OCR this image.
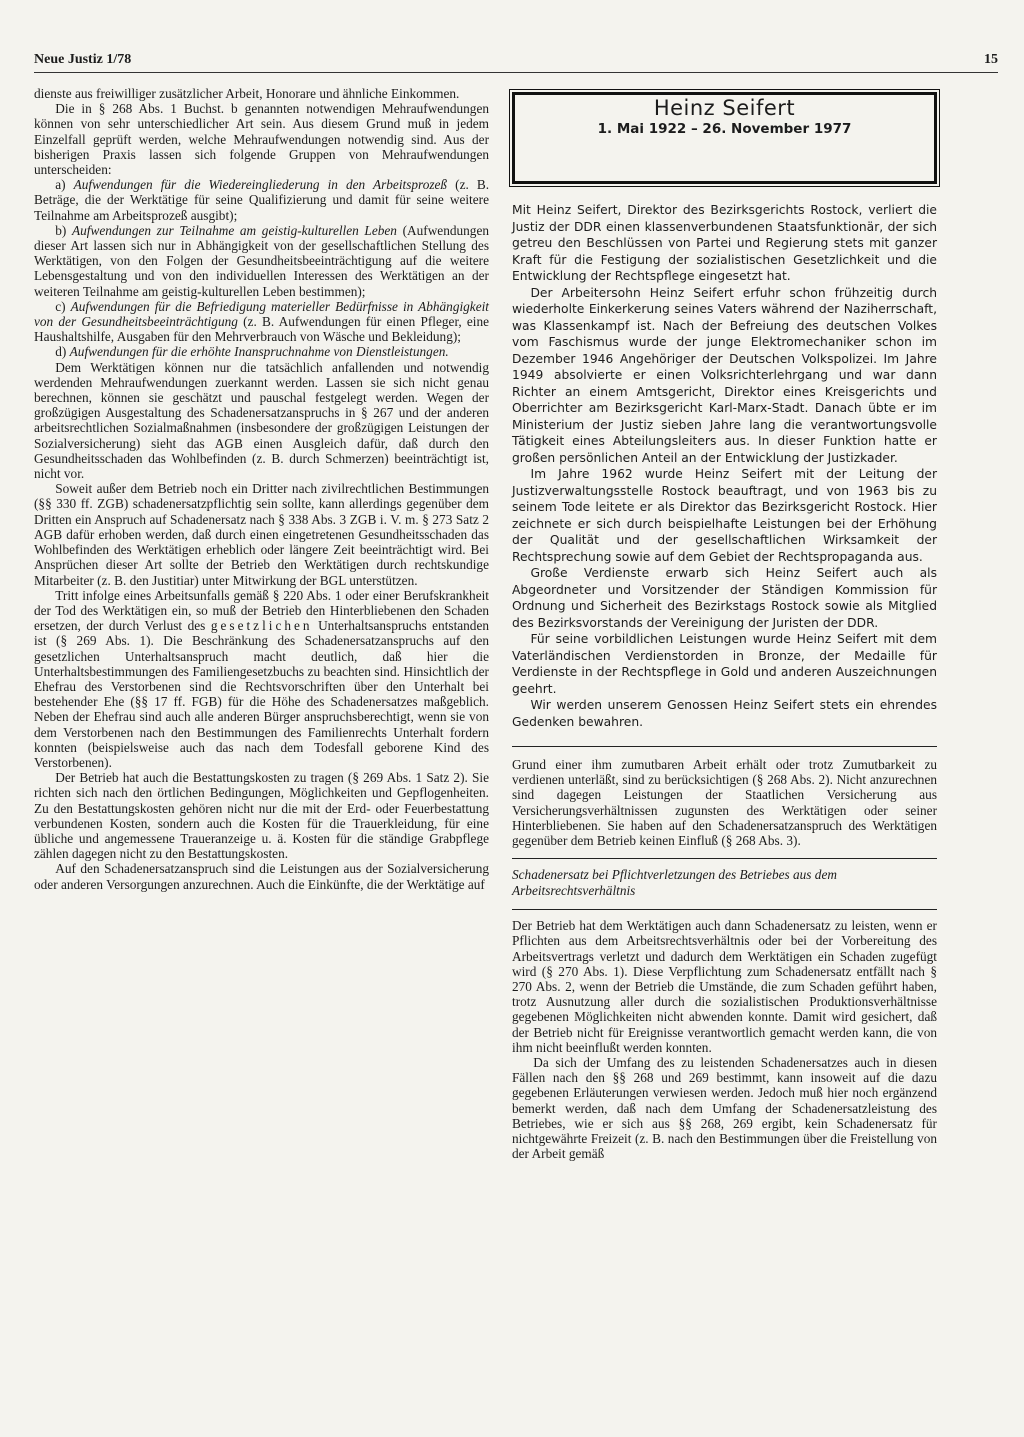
Neue Justiz 1/78	15

dienste aus freiwilliger zusätzlicher Arbeit, Honorare und ähnliche Einkommen.

Die in § 268 Abs. 1 Buchst. b genannten notwendigen Mehraufwendungen können von sehr unterschiedlicher Art sein. Aus diesem Grund muß in jedem Einzelfall geprüft werden, welche Mehraufwendungen notwendig sind. Aus der bisherigen Praxis lassen sich folgende Gruppen von Mehraufwendungen unterscheiden:

a) Aufwendungen für die Wiedereingliederung in den Arbeitsprozeß (z. B. Beträge, die der Werktätige für seine Qualifizierung und damit für seine weitere Teilnahme am Arbeitsprozeß ausgibt);

b) Aufwendungen zur Teilnahme am geistig-kulturellen Leben (Aufwendungen dieser Art lassen sich nur in Abhängigkeit von der gesellschaftlichen Stellung des Werktätigen, von den Folgen der Gesundheitsbeeinträchtigung auf die weitere Lebensgestaltung und von den individuellen Interessen des Werktätigen an der weiteren Teilnahme am geistig-kulturellen Leben bestimmen);

c) Aufwendungen für die Befriedigung materieller Bedürfnisse in Abhängigkeit von der Gesundheitsbeeinträchtigung (z. B. Aufwendungen für einen Pfleger, eine Haushaltshilfe, Ausgaben für den Mehrverbrauch von Wäsche und Bekleidung);

d) Aufwendungen für die erhöhte Inanspruchnahme von Dienstleistungen.

Dem Werktätigen können nur die tatsächlich anfallenden und notwendig werdenden Mehraufwendungen zuerkannt werden. Lassen sie sich nicht genau berechnen, können sie geschätzt und pauschal festgelegt werden. Wegen der großzügigen Ausgestaltung des Schadenersatzanspruchs in § 267 und der anderen arbeitsrechtlichen Sozialmaßnahmen (insbesondere der großzügigen Leistungen der Sozialversicherung) sieht das AGB einen Ausgleich dafür, daß durch den Gesundheitsschaden das Wohlbefinden (z. B. durch Schmerzen) beeinträchtigt ist, nicht vor.

Soweit außer dem Betrieb noch ein Dritter nach zivilrechtlichen Bestimmungen (§§ 330 ff. ZGB) schadenersatzpflichtig sein sollte, kann allerdings gegenüber dem Dritten ein Anspruch auf Schadenersatz nach § 338 Abs. 3 ZGB i. V. m. § 273 Satz 2 AGB dafür erhoben werden, daß durch einen eingetretenen Gesundheitsschaden das Wohlbefinden des Werktätigen erheblich oder längere Zeit beeinträchtigt wird. Bei Ansprüchen dieser Art sollte der Betrieb den Werktätigen durch rechtskundige Mitarbeiter (z. B. den Justitiar) unter Mitwirkung der BGL unterstützen.

Tritt infolge eines Arbeitsunfalls gemäß § 220 Abs. 1 oder einer Berufskrankheit der Tod des Werktätigen ein, so muß der Betrieb den Hinterbliebenen den Schaden ersetzen, der durch Verlust des gesetzlichen Unterhaltsanspruchs entstanden ist (§ 269 Abs. 1). Die Beschränkung des Schadenersatzanspruchs auf den gesetzlichen Unterhaltsanspruch macht deutlich, daß hier die Unterhaltsbestimmungen des Familiengesetzbuchs zu beachten sind. Hinsichtlich der Ehefrau des Verstorbenen sind die Rechtsvorschriften über den Unterhalt bei bestehender Ehe (§§ 17 ff. FGB) für die Höhe des Schadenersatzes maßgeblich. Neben der Ehefrau sind auch alle anderen Bürger anspruchsberechtigt, wenn sie von dem Verstorbenen nach den Bestimmungen des Familienrechts Unterhalt fordern konnten (beispielsweise auch das nach dem Todesfall geborene Kind des Verstorbenen).

Der Betrieb hat auch die Bestattungskosten zu tragen (§ 269 Abs. 1 Satz 2). Sie richten sich nach den örtlichen Bedingungen, Möglichkeiten und Gepflogenheiten. Zu den Bestattungskosten gehören nicht nur die mit der Erd- oder Feuerbestattung verbundenen Kosten, sondern auch die Kosten für die Trauerkleidung, für eine übliche und angemessene Traueranzeige u. ä. Kosten für die ständige Grabpflege zählen dagegen nicht zu den Bestattungskosten.

Auf den Schadenersatzanspruch sind die Leistungen aus der Sozialversicherung oder anderen Versorgungen anzurechnen. Auch die Einkünfte, die der Werktätige auf

Heinz Seifert
1. Mai 1922 – 26. November 1977

Mit Heinz Seifert, Direktor des Bezirksgerichts Rostock, verliert die Justiz der DDR einen klassenverbundenen Staatsfunktionär, der sich getreu den Beschlüssen von Partei und Regierung stets mit ganzer Kraft für die Festigung der sozialistischen Gesetzlichkeit und die Entwicklung der Rechtspflege eingesetzt hat.

Der Arbeitersohn Heinz Seifert erfuhr schon frühzeitig durch wiederholte Einkerkerung seines Vaters während der Naziherrschaft, was Klassenkampf ist. Nach der Befreiung des deutschen Volkes vom Faschismus wurde der junge Elektromechaniker schon im Dezember 1946 Angehöriger der Deutschen Volkspolizei. Im Jahre 1949 absolvierte er einen Volksrichterlehrgang und war dann Richter an einem Amtsgericht, Direktor eines Kreisgerichts und Oberrichter am Bezirksgericht Karl-Marx-Stadt. Danach übte er im Ministerium der Justiz sieben Jahre lang die verantwortungsvolle Tätigkeit eines Abteilungsleiters aus. In dieser Funktion hatte er großen persönlichen Anteil an der Entwicklung der Justizkader.

Im Jahre 1962 wurde Heinz Seifert mit der Leitung der Justizverwaltungsstelle Rostock beauftragt, und von 1963 bis zu seinem Tode leitete er als Direktor das Bezirksgericht Rostock. Hier zeichnete er sich durch beispielhafte Leistungen bei der Erhöhung der Qualität und der gesellschaftlichen Wirksamkeit der Rechtsprechung sowie auf dem Gebiet der Rechtspropaganda aus.

Große Verdienste erwarb sich Heinz Seifert auch als Abgeordneter und Vorsitzender der Ständigen Kommission für Ordnung und Sicherheit des Bezirkstags Rostock sowie als Mitglied des Bezirksvorstands der Vereinigung der Juristen der DDR.

Für seine vorbildlichen Leistungen wurde Heinz Seifert mit dem Vaterländischen Verdienstorden in Bronze, der Medaille für Verdienste in der Rechtspflege in Gold und anderen Auszeichnungen geehrt.

Wir werden unserem Genossen Heinz Seifert stets ein ehrendes Gedenken bewahren.

Grund einer ihm zumutbaren Arbeit erhält oder trotz Zumutbarkeit zu verdienen unterläßt, sind zu berücksichtigen (§ 268 Abs. 2). Nicht anzurechnen sind dagegen Leistungen der Staatlichen Versicherung aus Versicherungsverhältnissen zugunsten des Werktätigen oder seiner Hinterbliebenen. Sie haben auf den Schadenersatzanspruch des Werktätigen gegenüber dem Betrieb keinen Einfluß (§ 268 Abs. 3).

Schadenersatz bei Pflichtverletzungen des Betriebes aus dem Arbeitsrechtsverhältnis

Der Betrieb hat dem Werktätigen auch dann Schadenersatz zu leisten, wenn er Pflichten aus dem Arbeitsrechtsverhältnis oder bei der Vorbereitung des Arbeitsvertrags verletzt und dadurch dem Werktätigen ein Schaden zugefügt wird (§ 270 Abs. 1). Diese Verpflichtung zum Schadenersatz entfällt nach § 270 Abs. 2, wenn der Betrieb die Umstände, die zum Schaden geführt haben, trotz Ausnutzung aller durch die sozialistischen Produktionsverhältnisse gegebenen Möglichkeiten nicht abwenden konnte. Damit wird gesichert, daß der Betrieb nicht für Ereignisse verantwortlich gemacht werden kann, die von ihm nicht beeinflußt werden konnten.

Da sich der Umfang des zu leistenden Schadenersatzes auch in diesen Fällen nach den §§ 268 und 269 bestimmt, kann insoweit auf die dazu gegebenen Erläuterungen verwiesen werden. Jedoch muß hier noch ergänzend bemerkt werden, daß nach dem Umfang der Schadenersatzleistung des Betriebes, wie er sich aus §§ 268, 269 ergibt, kein Schadenersatz für nichtgewährte Freizeit (z. B. nach den Bestimmungen über die Freistellung von der Arbeit gemäß
